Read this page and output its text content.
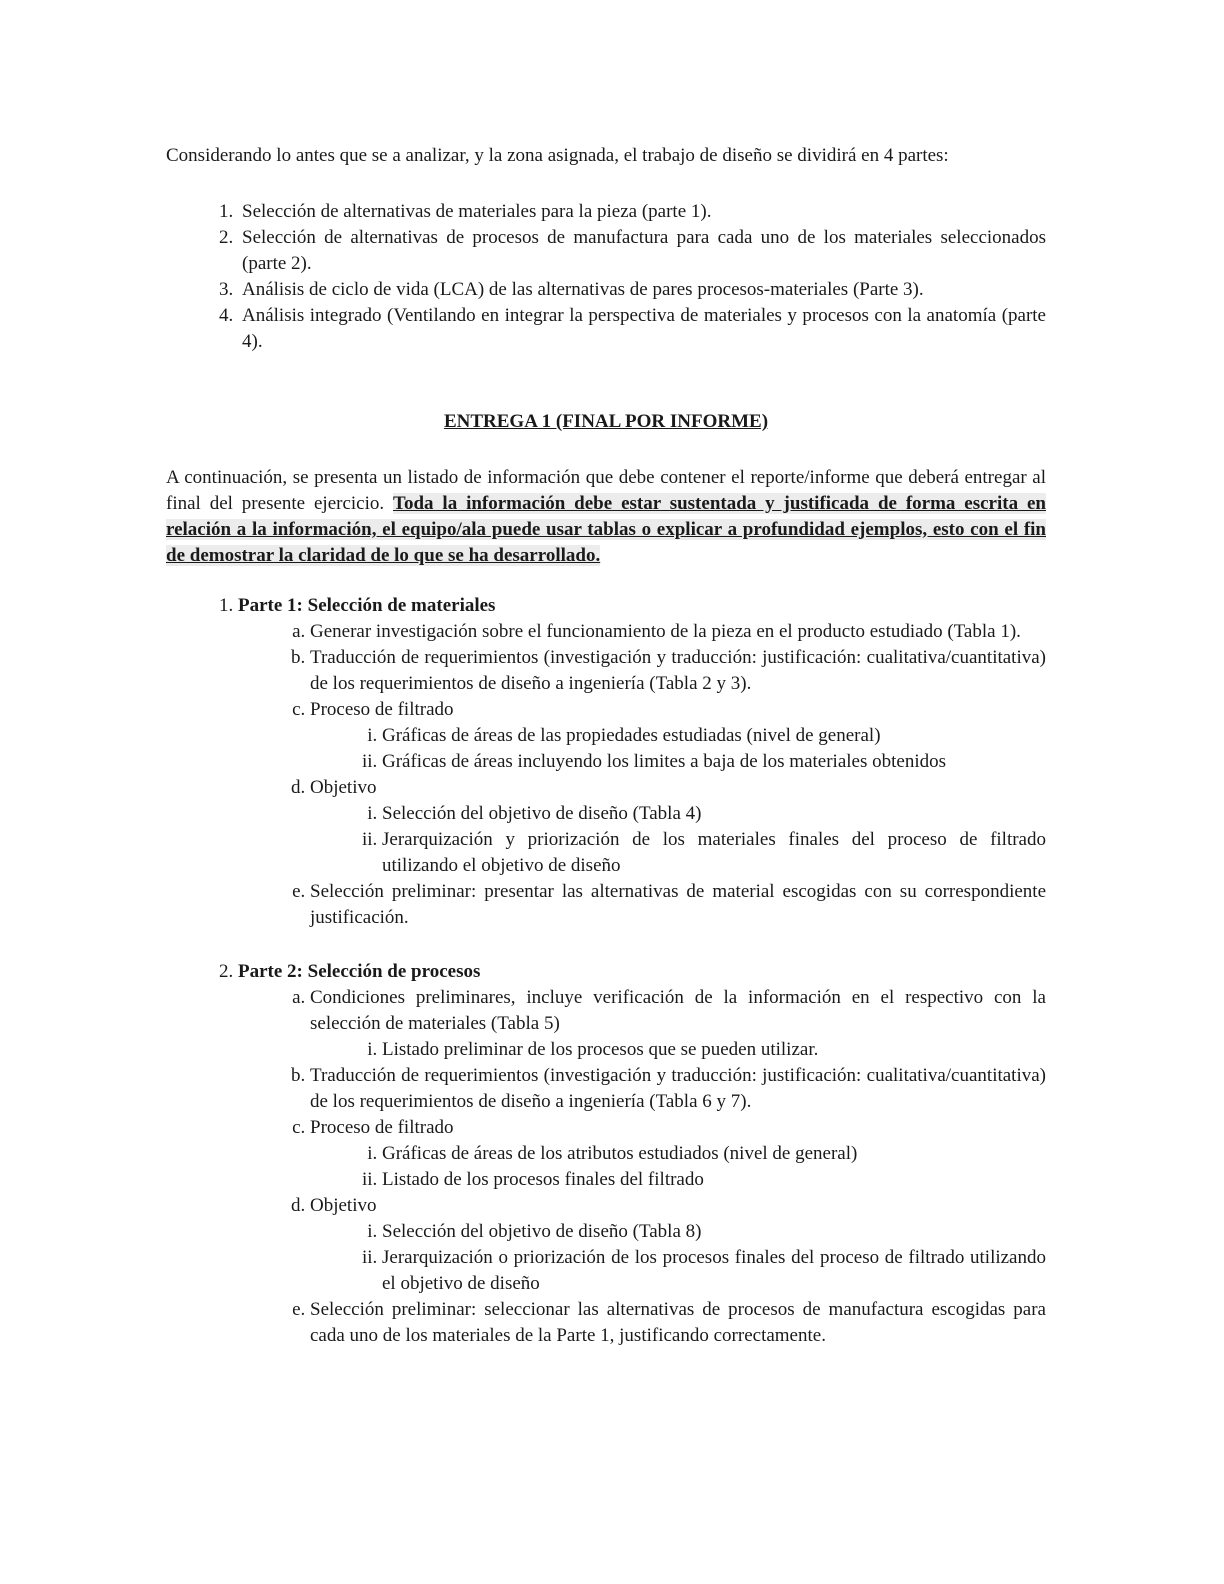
Considerando lo antes que se a analizar, y la zona asignada, el trabajo de diseño se dividirá en 4 partes:

1. Selección de alternativas de materiales para la pieza (parte 1).
2. Selección de alternativas de procesos de manufactura para cada uno de los materiales seleccionados (parte 2).
3. Análisis de ciclo de vida (LCA) de las alternativas de pares procesos-materiales (Parte 3).
4. Análisis integrado (Ventilando en integrar la perspectiva de materiales y procesos con la anatomía (parte 4).
ENTREGA 1 (FINAL POR INFORME)

A continuación, se presenta un listado de información que debe contener el reporte/informe que deberá entregar al final del presente ejercicio. Toda la información debe estar sustentada y justificada de forma escrita en relación a la información, el equipo/ala puede usar tablas o explicar a profundidad ejemplos, esto con el fin de demostrar la claridad de lo que se ha desarrollado.

1. Parte 1: Selección de materiales
a. Generar investigación sobre el funcionamiento de la pieza en el producto estudiado (Tabla 1).
b. Traducción de requerimientos (investigación y traducción: justificación: cualitativa/cuantitativa) de los requerimientos de diseño a ingeniería (Tabla 2 y 3).
c. Proceso de filtrado
i. Gráficas de áreas de las propiedades estudiadas (nivel de general)
ii. Gráficas de áreas incluyendo los limites a baja de los materiales obtenidos
d. Objetivo
i. Selección del objetivo de diseño (Tabla 4)
ii. Jerarquización y priorización de los materiales finales del proceso de filtrado utilizando el objetivo de diseño
e. Selección preliminar: presentar las alternativas de material escogidas con su correspondiente justificación.
2. Parte 2: Selección de procesos
a. Condiciones preliminares, incluye verificación de la información en el respectivo con la selección de materiales (Tabla 5)
i. Listado preliminar de los procesos que se pueden utilizar.
b. Traducción de requerimientos (investigación y traducción: justificación: cualitativa/cuantitativa) de los requerimientos de diseño a ingeniería (Tabla 6 y 7).
c. Proceso de filtrado
i. Gráficas de áreas de los atributos estudiados (nivel de general)
ii. Listado de los procesos finales del filtrado
d. Objetivo
i. Selección del objetivo de diseño (Tabla 8)
ii. Jerarquización o priorización de los procesos finales del proceso de filtrado utilizando el objetivo de diseño
e. Selección preliminar: seleccionar las alternativas de procesos de manufactura escogidas para cada uno de los materiales de la Parte 1, justificando correctamente.
